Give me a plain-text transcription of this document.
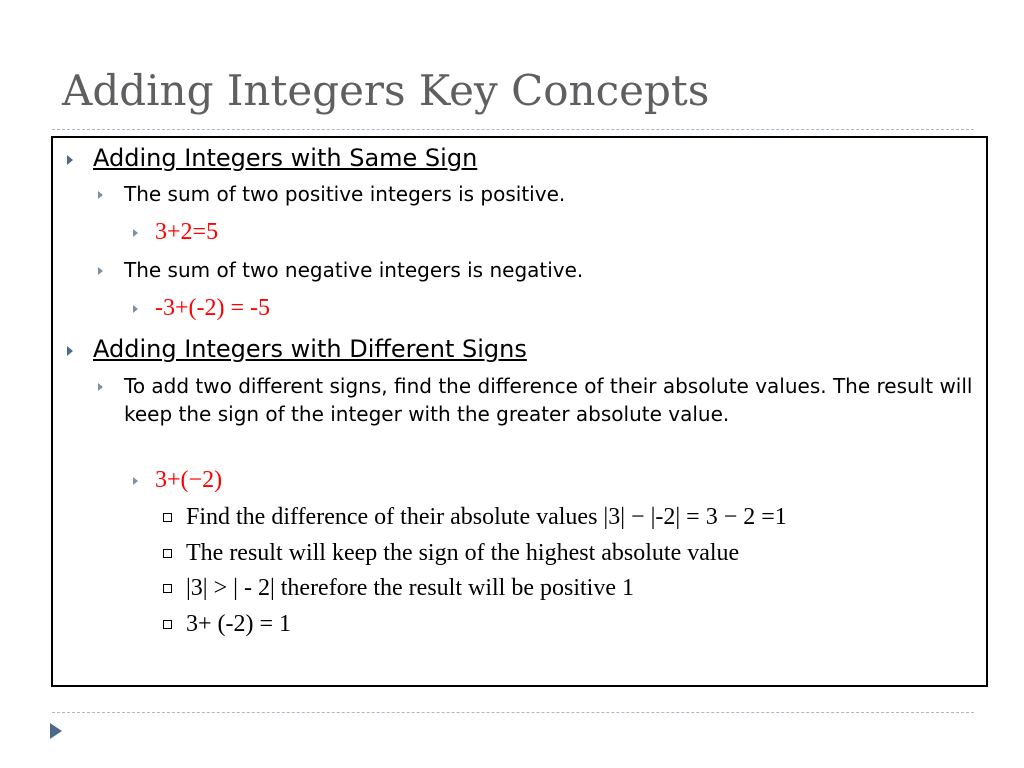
Adding Integers Key Concepts
Adding Integers with Same Sign
The sum of two positive integers is positive.
3+2=5
The sum of two negative integers is negative.
-3+(-2) = -5
Adding Integers with Different Signs
To add two different signs, find the difference of their absolute values. The result will keep the sign of the integer with the greater absolute value.
3+(−2)
Find the difference of their absolute values |3| − |-2| = 3 − 2 =1
The result will keep the sign of the highest absolute value
|3| > | - 2| therefore the result will be positive 1
3+ (-2) = 1
